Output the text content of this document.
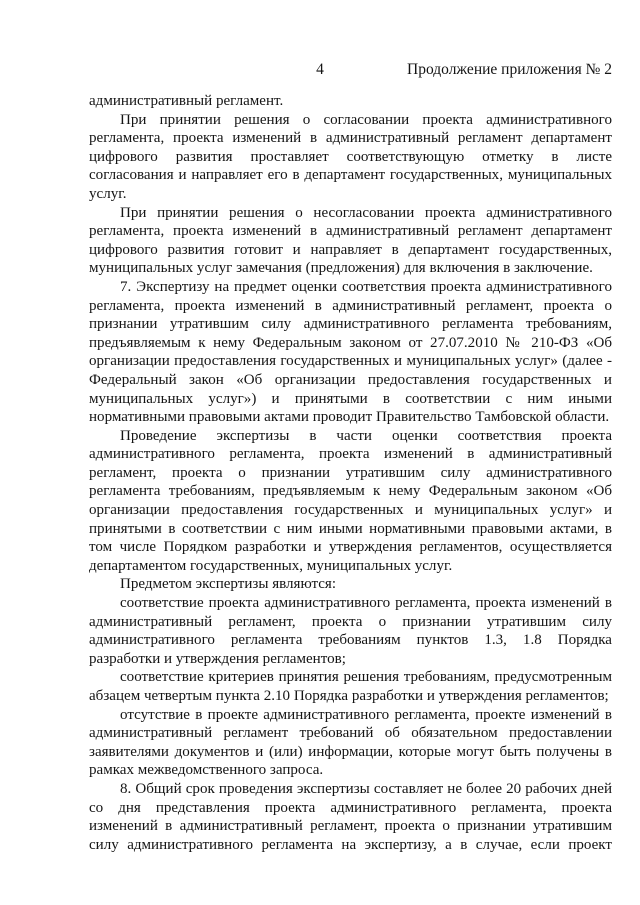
4	Продолжение приложения № 2

административный регламент.

При принятии решения о согласовании проекта административного регламента, проекта изменений в административный регламент департамент цифрового развития проставляет соответствующую отметку в листе согласования и направляет его в департамент государственных, муниципальных услуг.

При принятии решения о несогласовании проекта административного регламента, проекта изменений в административный регламент департамент цифрового развития готовит и направляет в департамент государственных, муниципальных услуг замечания (предложения) для включения в заключение.

7. Экспертизу на предмет оценки соответствия проекта административного регламента, проекта изменений в административный регламент, проекта о признании утратившим силу административного регламента требованиям, предъявляемым к нему Федеральным законом от 27.07.2010 № 210-ФЗ «Об организации предоставления государственных и муниципальных услуг» (далее - Федеральный закон «Об организации предоставления государственных и муниципальных услуг») и принятыми в соответствии с ним иными нормативными правовыми актами проводит Правительство Тамбовской области.

Проведение экспертизы в части оценки соответствия проекта административного регламента, проекта изменений в административный регламент, проекта о признании утратившим силу административного регламента требованиям, предъявляемым к нему Федеральным законом «Об организации предоставления государственных и муниципальных услуг» и принятыми в соответствии с ним иными нормативными правовыми актами, в том числе Порядком разработки и утверждения регламентов, осуществляется департаментом государственных, муниципальных услуг.

Предметом экспертизы являются:

соответствие проекта административного регламента, проекта изменений в административный регламент, проекта о признании утратившим силу административного регламента требованиям пунктов 1.3, 1.8 Порядка разработки и утверждения регламентов;

соответствие критериев принятия решения требованиям, предусмотренным абзацем четвертым пункта 2.10 Порядка разработки и утверждения регламентов;

отсутствие в проекте административного регламента, проекте изменений в административный регламент требований об обязательном предоставлении заявителями документов и (или) информации, которые могут быть получены в рамках межведомственного запроса.

8. Общий срок проведения экспертизы составляет не более 20 рабочих дней со дня представления проекта административного регламента, проекта изменений в административный регламент, проекта о признании утратившим силу административного регламента на экспертизу, а в случае, если проект
